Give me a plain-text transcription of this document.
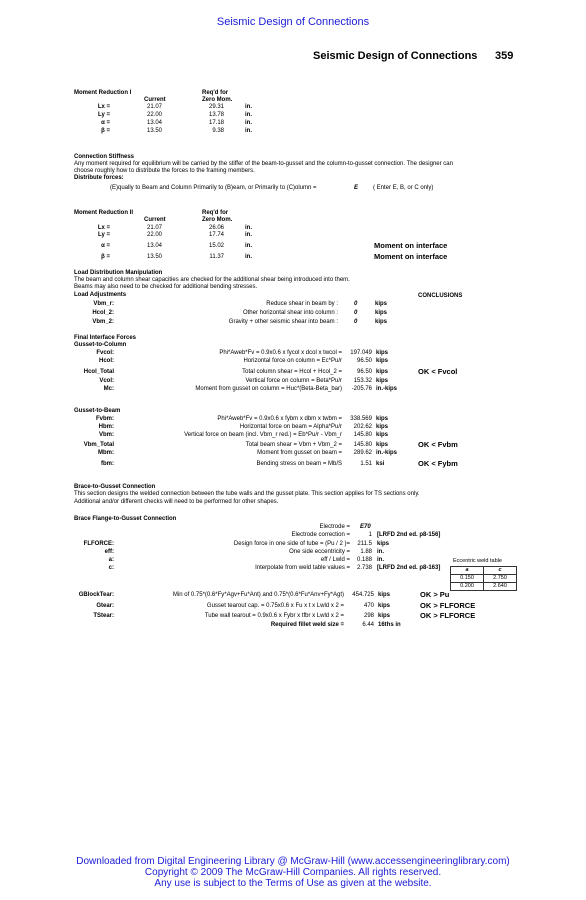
Seismic Design of Connections
Seismic Design of Connections 359
Moment Reduction I	Req'd for
Current	Zero Mom.
Lx =	21.07	29.31	in.
Ly =	22.00	13.78	in.
α =	13.04	17.18	in.
β =	13.50	9.38	in.
Connection Stiffness
Any moment required for equilibrium will be carried by the stiffer of the beam-to-gusset and the column-to-gusset connection. The designer can
choose roughly how to distribute the forces to the framing members.
Distribute forces:
(E)qually to Beam and Column Primarily to (B)eam, or Primarily to (C)olumn =	E ( Enter E, B, or C only)
Moment Reduction II	Req'd for
Current	Zero Mom.
Lx =	21.07	26.06	in.
Ly =	22.00	17.74	in.
α =	13.04	15.02	in.	Moment on interface
β =	13.50	11.37	in.	Moment on interface
Load Distribution Manipulation
The beam and column shear capacities are checked for the additional shear being introduced into them.
Beams may also need to be checked for additional bending stresses.
Load Adjustments	CONCLUSIONS
Vbm_r:	Reduce shear in beam by :	0	kips
Hcol_2:	Other horizontal shear into column :	0	kips
Vbm_2:	Gravity + other seismic shear into beam :	0	kips
Final Interface Forces
Gusset-to-Column
Fvcol:	Phi*Aweb*Fv = 0.9x0.6 x fycol x dcol x twcol =	197.049 kips
Hcol:	Horizontal force on column = Ec*Pu/r	96.50 kips
Hcol_Total	Total column shear = Hcol + Hcol_2 =	96.50 kips	OK < Fvcol
Vcol:	Vertical force on column = Beta*Pu/r	153.32 kips
Mc:	Moment from gusset on column = Huc*(Beta-Beta_bar)	-205.76 in.-kips
Gusset-to-Beam
Fvbm:	Phi*Aweb*Fv = 0.9x0.6 x fybm x dbm x twbm =	338.569 kips
Hbm:	Horizontal force on beam = Alpha*Pu/r	202.62 kips
Vbm:	Vertical force on beam (incl. Vbm_r red.) = Eb*Pu/r - Vbm_r	145.80 kips
Vbm_Total	Total beam shear = Vbm + Vbm_2 =	145.80 kips	OK < Fvbm
Mbm:	Moment from gusset on beam =	289.62 in.-kips
fbm:	Bending stress on beam = Mb/S	1.51 ksi	OK < Fybm
Brace-to-Gusset Connection
This section designs the welded connection between the tube walls and the gusset plate. This section applies for TS sections only.
Additional and/or different checks will need to be performed for other shapes.
Brace Flange-to-Gusset Connection
Electrode = E70
Electrode correction =	1 [LRFD 2nd ed. p8-156]
FLFORCE:	Design force in one side of tube = (Pu / 2 )=	211.5 kips
eff:	One side eccentricity =	1.88 in.
a:	eff / Lwld =	0.188 in.
c:	Interpolate from weld table values =	2.738 [LRFD 2nd ed. p8-163]
Eccentric weld table
a	c
0.150	2.750
0.200	2.640
GBlockTear:	Min of 0.75*(0.6*Fy*Agv+Fu*Ant) and 0.75*(0.6*Fu*Anv+Fy*Agt)	454.725 kips	OK > Pu
Gtear:	Gusset tearout cap. = 0.75x0.6 x Fu x t x Lwld x 2 =	470 kips	OK > FLFORCE
TStear:	Tube wall tearout = 0.9x0.6 x Fybr x tfbr x Lwld x 2 =	298 kips	OK > FLFORCE
Required fillet weld size =	6.44 16ths in
Downloaded from Digital Engineering Library @ McGraw-Hill (www.accessengineeringlibrary.com)
Copyright © 2009 The McGraw-Hill Companies. All rights reserved.
Any use is subject to the Terms of Use as given at the website.
